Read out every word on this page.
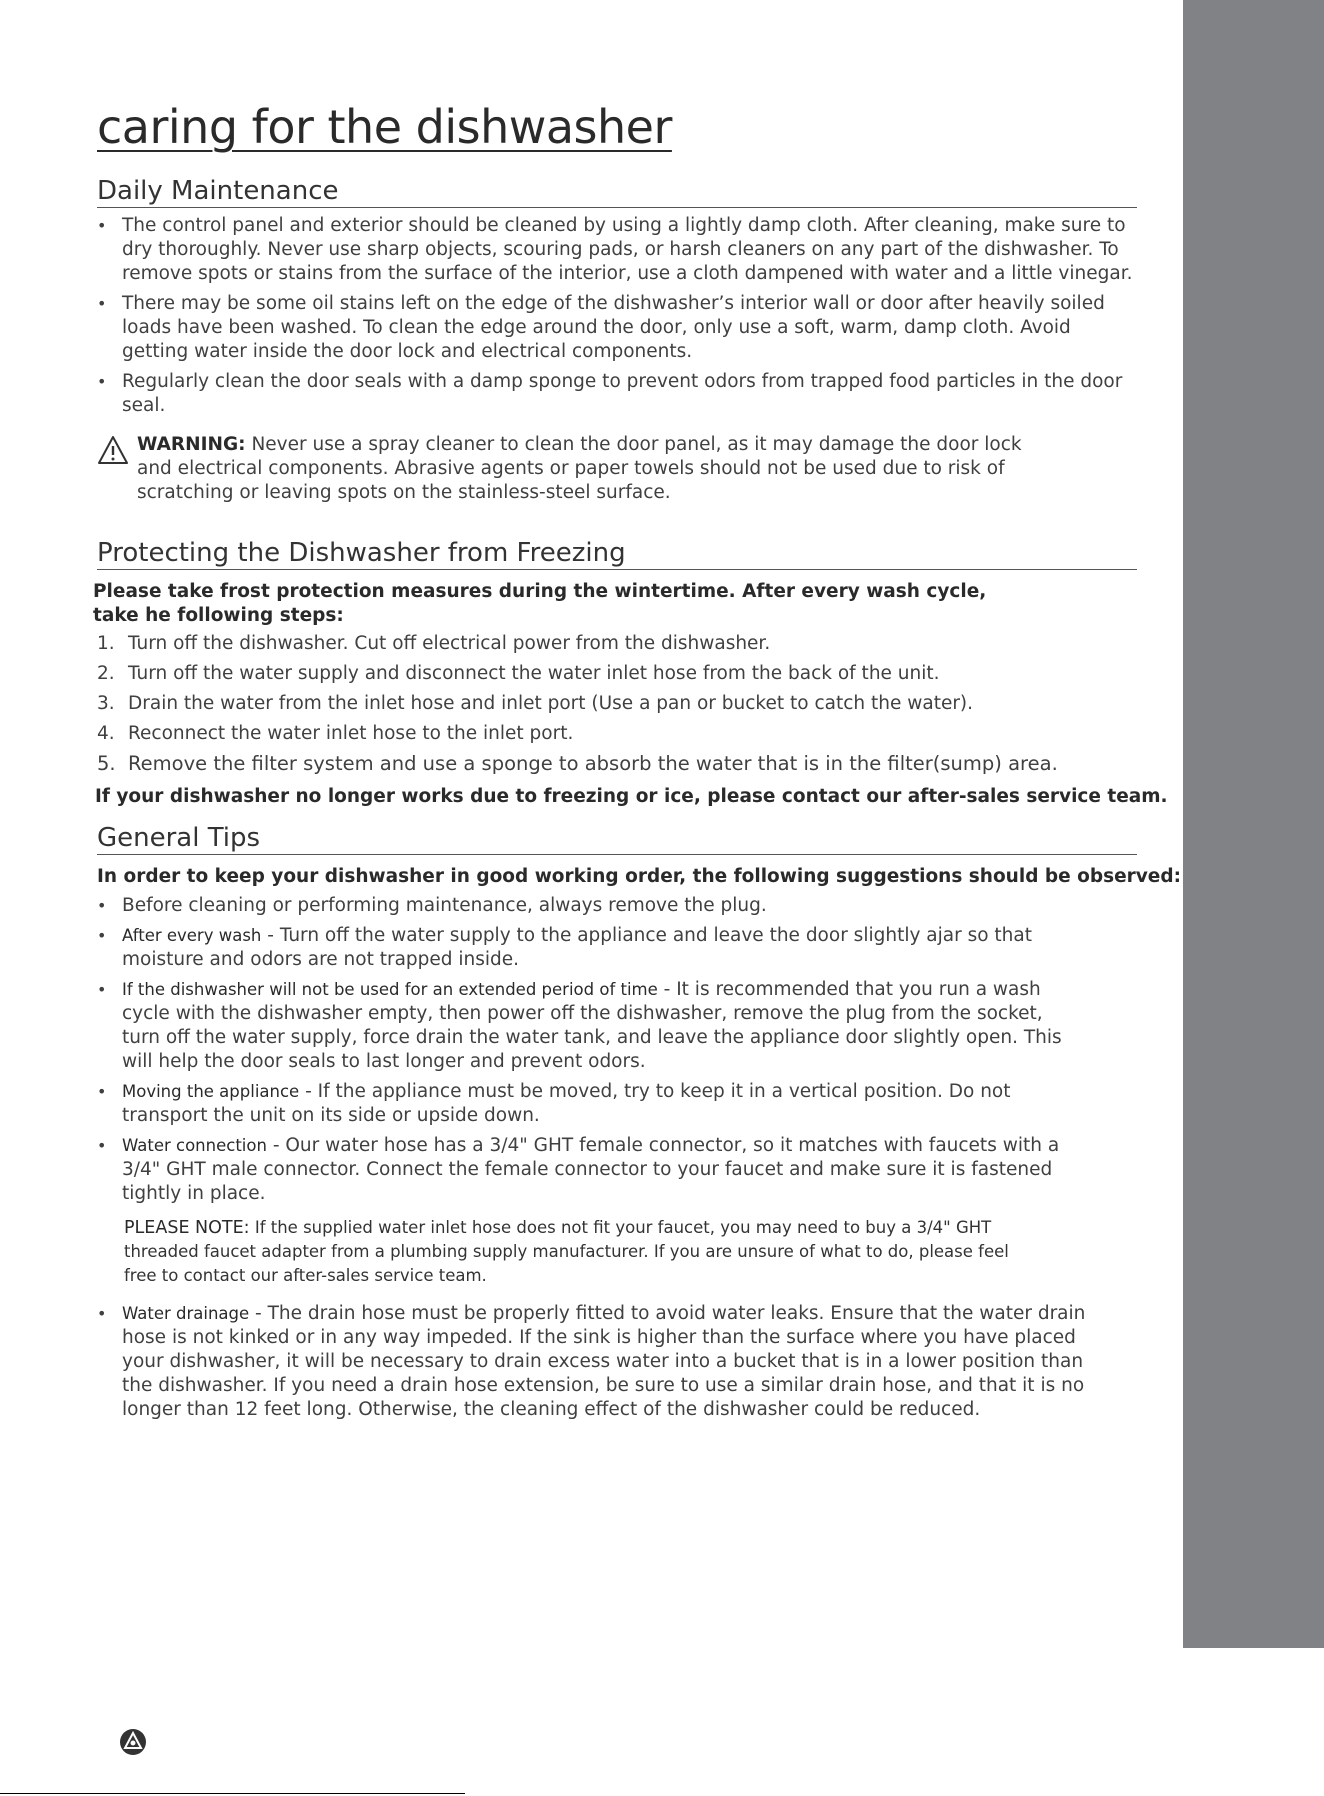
caring for the dishwasher
Daily Maintenance
• The control panel and exterior should be cleaned by using a lightly damp cloth. After cleaning, make sure to dry thoroughly. Never use sharp objects, scouring pads, or harsh cleaners on any part of the dishwasher. To remove spots or stains from the surface of the interior, use a cloth dampened with water and a little vinegar.
• There may be some oil stains left on the edge of the dishwasher’s interior wall or door after heavily soiled loads have been washed. To clean the edge around the door, only use a soft, warm, damp cloth. Avoid getting water inside the door lock and electrical components.
• Regularly clean the door seals with a damp sponge to prevent odors from trapped food particles in the door seal.
WARNING: Never use a spray cleaner to clean the door panel, as it may damage the door lock and electrical components. Abrasive agents or paper towels should not be used due to risk of scratching or leaving spots on the stainless-steel surface.
Protecting the Dishwasher from Freezing

Please take frost protection measures during the wintertime. After every wash cycle, take he following steps:

1. Turn off the dishwasher. Cut off electrical power from the dishwasher.
2. Turn off the water supply and disconnect the water inlet hose from the back of the unit.
3. Drain the water from the inlet hose and inlet port (Use a pan or bucket to catch the water).
4. Reconnect the water inlet hose to the inlet port.
5. Remove the filter system and use a sponge to absorb the water that is in the filter(sump) area.

If your dishwasher no longer works due to freezing or ice, please contact our after-sales service team.

General Tips

In order to keep your dishwasher in good working order, the following suggestions should be observed:

• Before cleaning or performing maintenance, always remove the plug.
• After every wash - Turn off the water supply to the appliance and leave the door slightly ajar so that moisture and odors are not trapped inside.
• If the dishwasher will not be used for an extended period of time - It is recommended that you run a wash cycle with the dishwasher empty, then power off the dishwasher, remove the plug from the socket, turn off the water supply, force drain the water tank, and leave the appliance door slightly open. This will help the door seals to last longer and prevent odors.
• Moving the appliance - If the appliance must be moved, try to keep it in a vertical position. Do not transport the unit on its side or upside down.
• Water connection - Our water hose has a 3/4" GHT female connector, so it matches with faucets with a 3/4" GHT male connector. Connect the female connector to your faucet and make sure it is fastened tightly in place.
PLEASE NOTE: If the supplied water inlet hose does not fit your faucet, you may need to buy a 3/4" GHT threaded faucet adapter from a plumbing supply manufacturer. If you are unsure of what to do, please feel free to contact our after-sales service team.
• Water drainage - The drain hose must be properly fitted to avoid water leaks. Ensure that the water drain hose is not kinked or in any way impeded. If the sink is higher than the surface where you have placed your dishwasher, it will be necessary to drain excess water into a bucket that is in a lower position than the dishwasher. If you need a drain hose extension, be sure to use a similar drain hose, and that it is no longer than 12 feet long. Otherwise, the cleaning effect of the dishwasher could be reduced.
